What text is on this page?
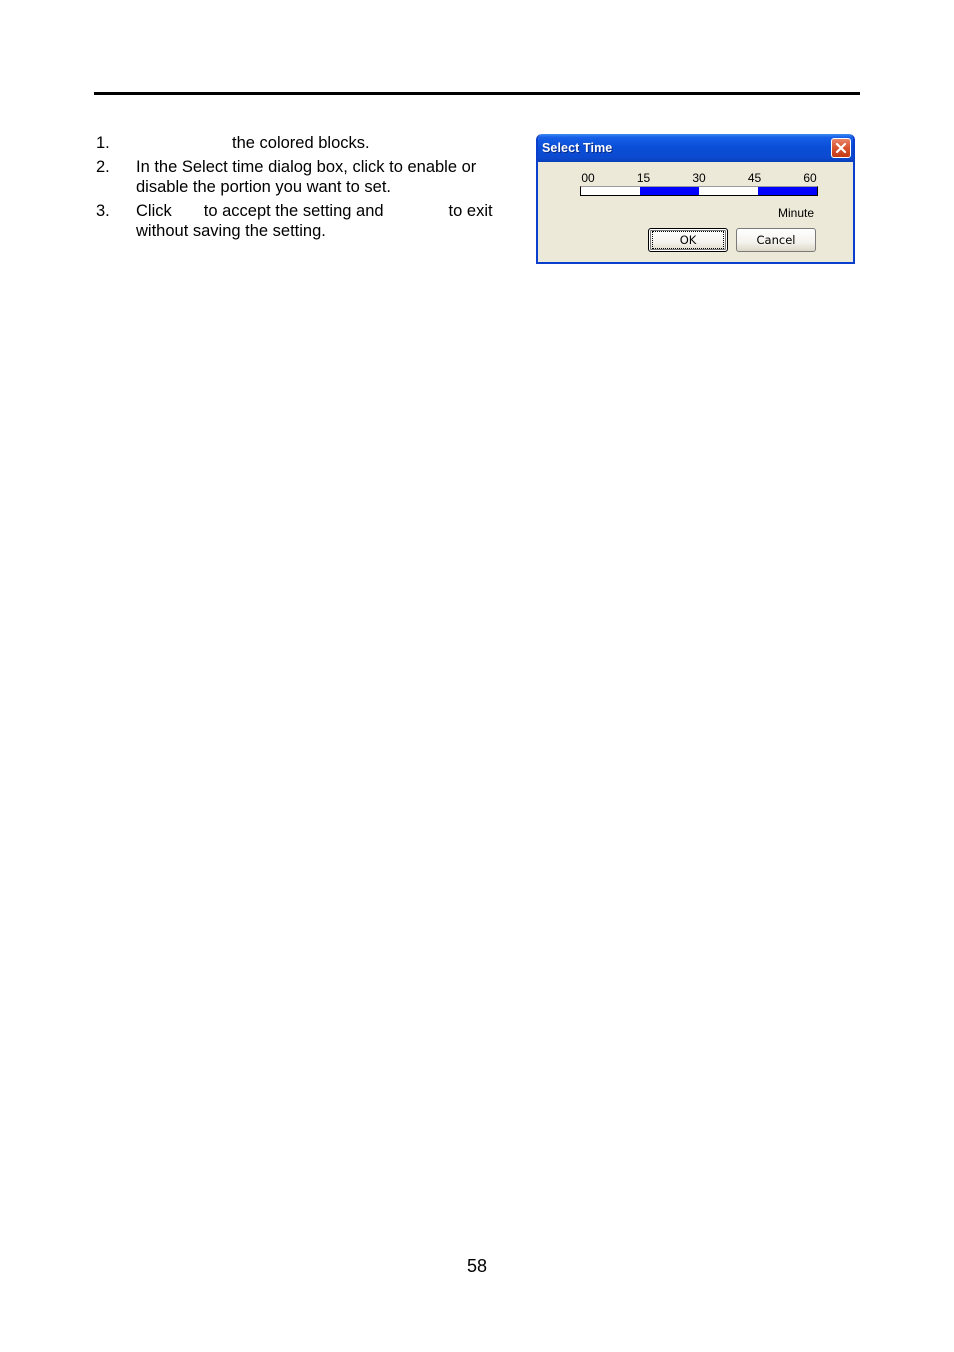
1.	the colored blocks.
2. In the Select time dialog box, click to enable or disable the portion you want to set.
3. Click to accept the setting and	to exit without saving the setting.
Select Time
00	15	30	45	60
Minute
OK	Cancel
58
